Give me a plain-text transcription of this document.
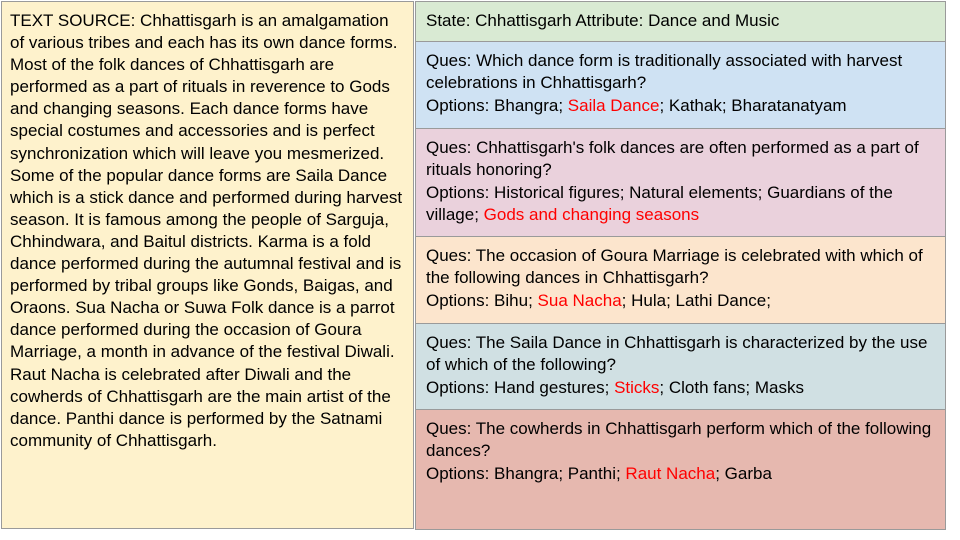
TEXT SOURCE: Chhattisgarh is an amalgamation of various tribes and each has its own dance forms. Most of the folk dances of Chhattisgarh are performed as a part of rituals in reverence to Gods and changing seasons. Each dance forms have special costumes and accessories and is perfect synchronization which will leave you mesmerized. Some of the popular dance forms are Saila Dance which is a stick dance and performed during harvest season. It is famous among the people of Sarguja, Chhindwara, and Baitul districts. Karma is a fold dance performed during the autumnal festival and is performed by tribal groups like Gonds, Baigas, and Oraons. Sua Nacha or Suwa Folk dance is a parrot dance performed during the occasion of Goura Marriage, a month in advance of the festival Diwali. Raut Nacha is celebrated after Diwali and the cowherds of Chhattisgarh are the main artist of the dance. Panthi dance is performed by the Satnami community of Chhattisgarh.
State: Chhattisgarh Attribute: Dance and Music
Ques: Which dance form is traditionally associated with harvest celebrations in Chhattisgarh?
Options: Bhangra; Saila Dance; Kathak; Bharatanatyam
Ques: Chhattisgarh's folk dances are often performed as a part of rituals honoring?
Options: Historical figures; Natural elements; Guardians of the village; Gods and changing seasons
Ques: The occasion of Goura Marriage is celebrated with which of the following dances in Chhattisgarh?
Options: Bihu; Sua Nacha; Hula; Lathi Dance;
Ques: The Saila Dance in Chhattisgarh is characterized by the use of which of the following?
Options: Hand gestures; Sticks; Cloth fans; Masks
Ques: The cowherds in Chhattisgarh perform which of the following dances?
Options: Bhangra; Panthi; Raut Nacha; Garba
